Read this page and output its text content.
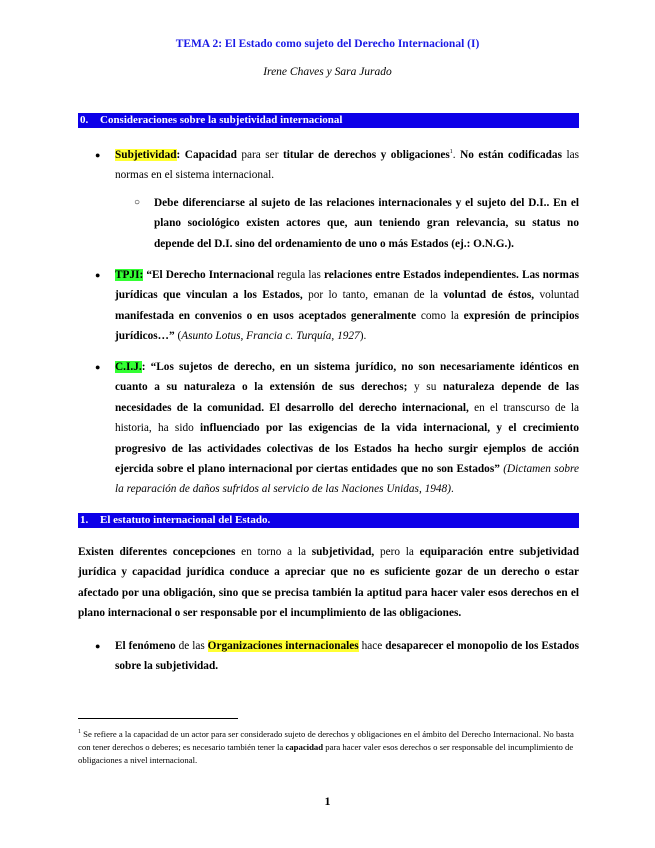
TEMA 2: El Estado como sujeto del Derecho Internacional (I)
Irene Chaves y Sara Jurado
0. Consideraciones sobre la subjetividad internacional
● Subjetividad: Capacidad para ser titular de derechos y obligaciones$^1$. No están codificadas las normas en el sistema internacional.
○ Debe diferenciarse al sujeto de las relaciones internacionales y el sujeto del D.I.. En el plano sociológico existen actores que, aun teniendo gran relevancia, su status no depende del D.I. sino del ordenamiento de uno o más Estados (ej.: O.N.G.).
● TPJI: “El Derecho Internacional regula las relaciones entre Estados independientes. Las normas jurídicas que vinculan a los Estados, por lo tanto, emanan de la voluntad de éstos, voluntad manifestada en convenios o en usos aceptados generalmente como la expresión de principios jurídicos…” (Asunto Lotus, Francia c. Turquía, 1927).
● C.I.J.: “Los sujetos de derecho, en un sistema jurídico, no son necesariamente idénticos en cuanto a su naturaleza o la extensión de sus derechos; y su naturaleza depende de las necesidades de la comunidad. El desarrollo del derecho internacional, en el transcurso de la historia, ha sido influenciado por las exigencias de la vida internacional, y el crecimiento progresivo de las actividades colectivas de los Estados ha hecho surgir ejemplos de acción ejercida sobre el plano internacional por ciertas entidades que no son Estados” (Dictamen sobre la reparación de daños sufridos al servicio de las Naciones Unidas, 1948).
1. El estatuto internacional del Estado.
Existen diferentes concepciones en torno a la subjetividad, pero la equiparación entre subjetividad jurídica y capacidad jurídica conduce a apreciar que no es suficiente gozar de un derecho o estar afectado por una obligación, sino que se precisa también la aptitud para hacer valer esos derechos en el plano internacional o ser responsable por el incumplimiento de las obligaciones.
● El fenómeno de las Organizaciones internacionales hace desaparecer el monopolio de los Estados sobre la subjetividad.
$^1$ Se refiere a la capacidad de un actor para ser considerado sujeto de derechos y obligaciones en el ámbito del Derecho Internacional. No basta con tener derechos o deberes; es necesario también tener la capacidad para hacer valer esos derechos o ser responsable del incumplimiento de obligaciones a nivel internacional.
1
